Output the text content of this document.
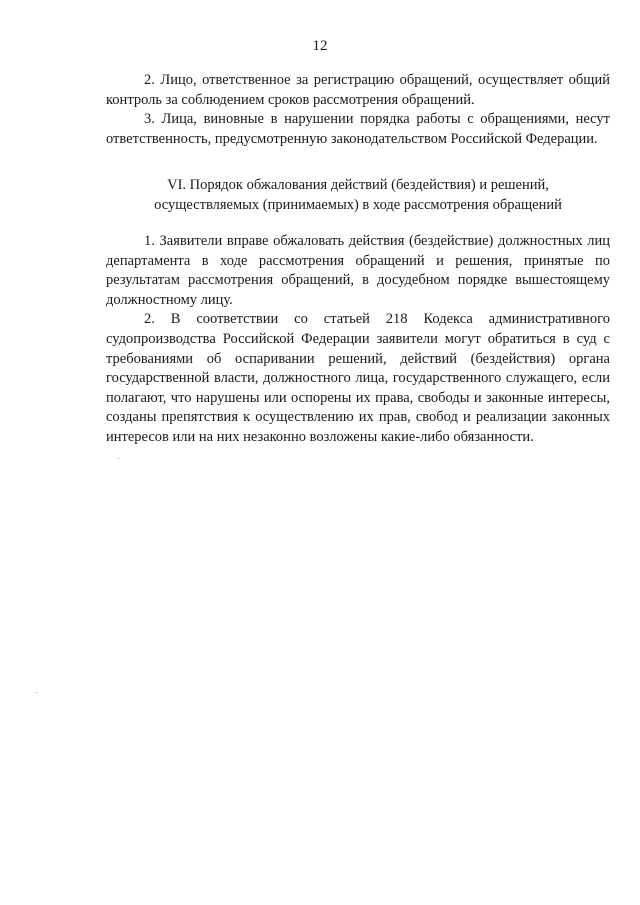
12

2. Лицо, ответственное за регистрацию обращений, осуществляет общий контроль за соблюдением сроков рассмотрения обращений.

3. Лица, виновные в нарушении порядка работы с обращениями, несут ответственность, предусмотренную законодательством Российской Федерации.

VI. Порядок обжалования действий (бездействия) и решений,
осуществляемых (принимаемых) в ходе рассмотрения обращений

1. Заявители вправе обжаловать действия (бездействие) должностных лиц департамента в ходе рассмотрения обращений и решения, принятые по результатам рассмотрения обращений, в досудебном порядке вышестоящему должностному лицу.

2. В соответствии со статьей 218 Кодекса административного судопроизводства Российской Федерации заявители могут обратиться в суд с требованиями об оспаривании решений, действий (бездействия) органа государственной власти, должностного лица, государственного служащего, если полагают, что нарушены или оспорены их права, свободы и законные интересы, созданы препятствия к осуществлению их прав, свобод и реализации законных интересов или на них незаконно возложены какие-либо обязанности.
